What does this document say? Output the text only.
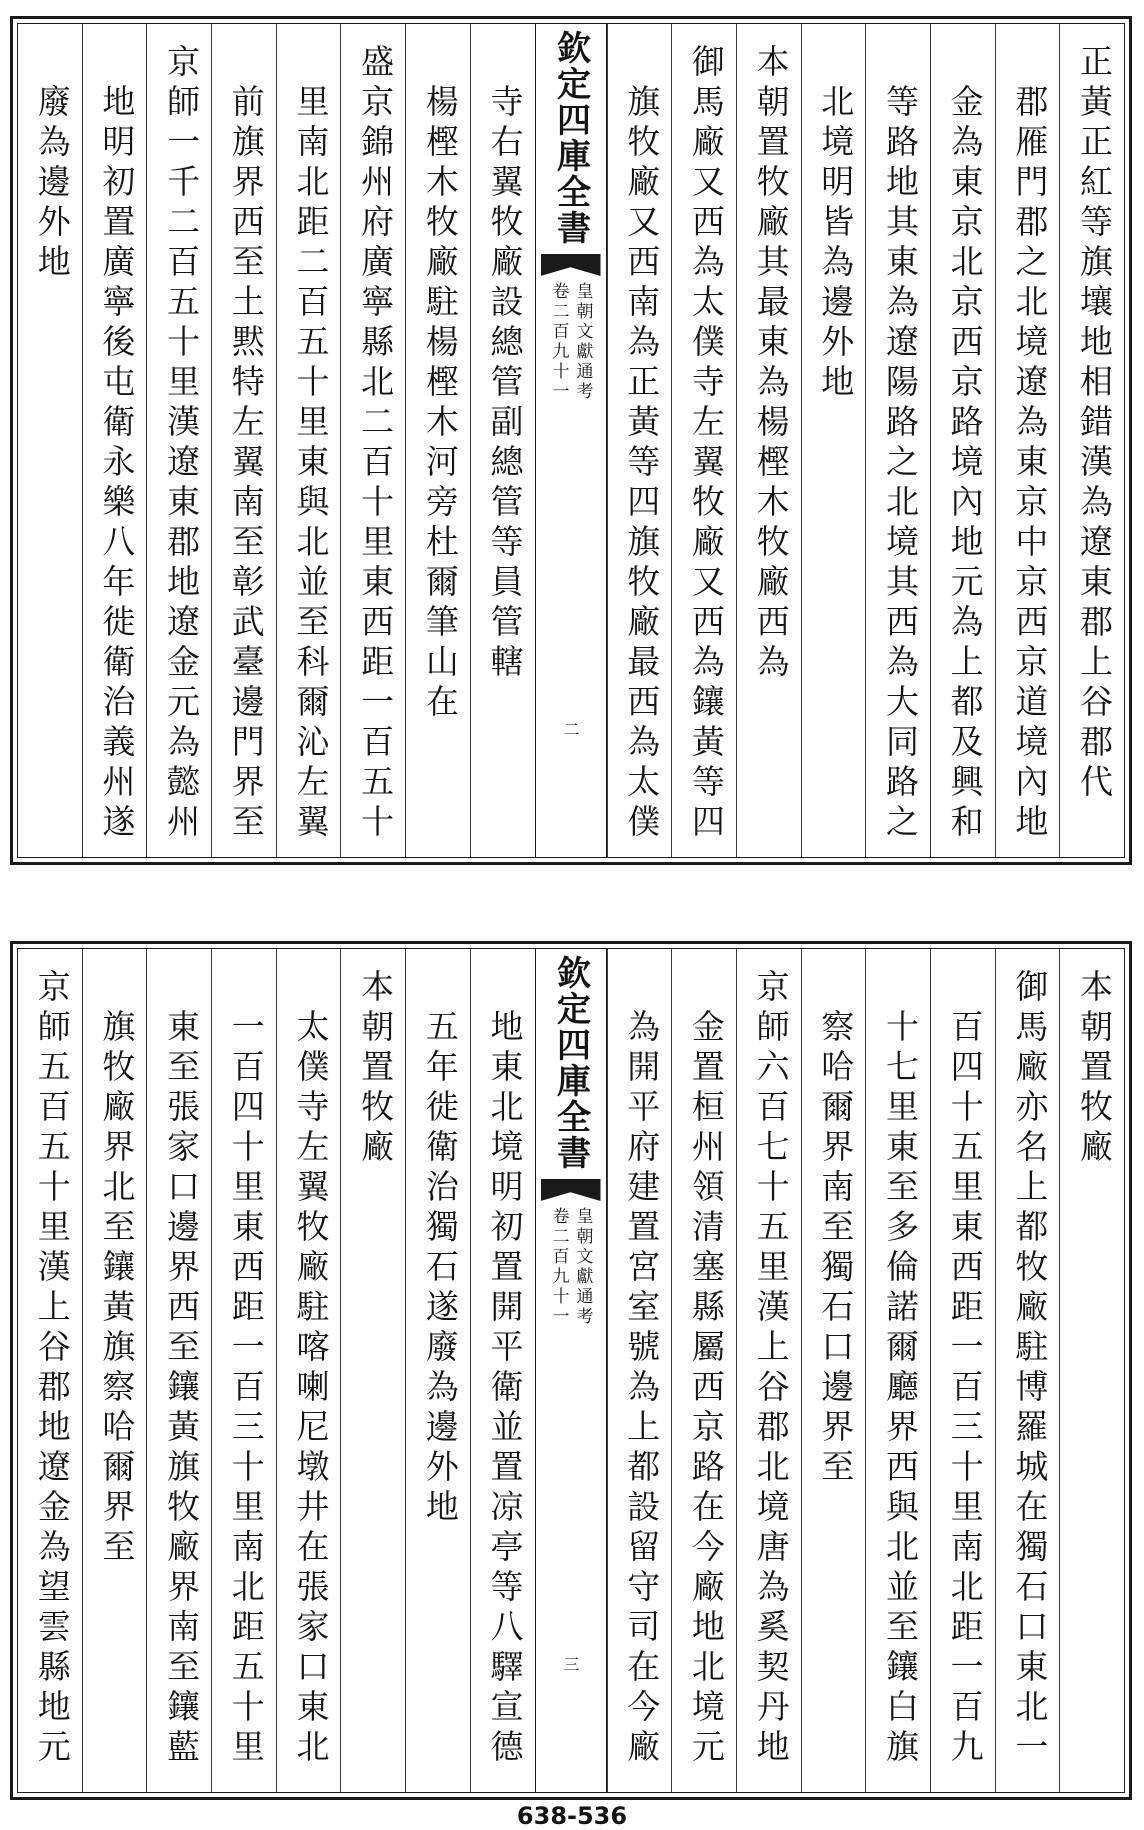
正黃正紅等旗壤地相錯漢為遼東郡上谷郡代
郡雁門郡之北境遼為東京中京西京道境內地
金為東京北京西京路境內地元為上都及興和
等路地其東為遼陽路之北境其西為大同路之
北境明皆為邊外地
本朝置牧廠其最東為楊樫木牧廠西為
御馬廠又西為太僕寺左翼牧廠又西為鑲黃等四
旗牧廠又西南為正黃等四旗牧廠最西為太僕
欽定四庫全書
皇朝文獻通考
卷二百九十一
二
寺右翼牧廠設總管副總管等員管轄
楊樫木牧廠駐楊樫木河旁杜爾筆山在
盛京錦州府廣寧縣北二百十里東西距一百五十
里南北距二百五十里東與北並至科爾沁左翼
前旗界西至土黙特左翼南至彰武臺邊門界至
京師一千二百五十里漢遼東郡地遼金元為懿州
地明初置廣寧後屯衛永樂八年徙衛治義州遂
廢為邊外地
本朝置牧廠
御馬廠亦名上都牧廠駐博羅城在獨石口東北一
百四十五里東西距一百三十里南北距一百九
十七里東至多倫諾爾廳界西與北並至鑲白旗
察哈爾界南至獨石口邊界至
京師六百七十五里漢上谷郡北境唐為奚契丹地
金置桓州領清塞縣屬西京路在今廠地北境元
為開平府建置宮室號為上都設留守司在今廠
欽定四庫全書
皇朝文獻通考
卷二百九十一
三
地東北境明初置開平衛並置凉亭等八驛宣德
五年徙衛治獨石遂廢為邊外地
本朝置牧廠
太僕寺左翼牧廠駐喀喇尼墩井在張家口東北
一百四十里東西距一百三十里南北距五十里
東至張家口邊界西至鑲黃旗牧廠界南至鑲藍
旗牧廠界北至鑲黃旗察哈爾界至
京師五百五十里漢上谷郡地遼金為望雲縣地元
638-536
